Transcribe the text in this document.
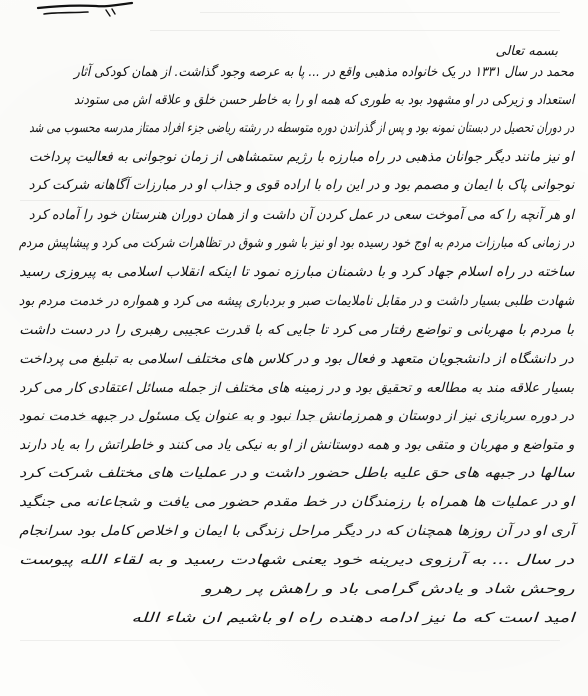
بسمه تعالی
محمد در سال ۱۳۳۱ در یک خانواده مذهبی واقع در ... پا به عرصه وجود گذاشت. از همان کودکی آثار
استعداد و زیرکی در او مشهود بود به طوری که همه او را به خاطر حسن خلق و علاقه اش می ستودند
در دوران تحصیل در دبستان نمونه بود و پس از گذراندن دوره متوسطه در رشته ریاضی جزء افراد ممتاز مدرسه محسوب می شد
او نیز مانند دیگر جوانان مذهبی در راه مبارزه با رژیم ستمشاهی از زمان نوجوانی به فعالیت پرداخت
نوجوانی پاک با ایمان و مصمم بود و در این راه با اراده قوی و جذاب او در مبارزات آگاهانه شرکت کرد
او هر آنچه را که می آموخت سعی در عمل کردن آن داشت و از همان دوران هنرستان خود را آماده کرد
در زمانی که مبارزات مردم به اوج خود رسیده بود او نیز با شور و شوق در تظاهرات شرکت می کرد و پیشاپیش مردم
ساخته در راه اسلام جهاد کرد و با دشمنان مبارزه نمود تا اینکه انقلاب اسلامی به پیروزی رسید
شهادت طلبی بسیار داشت و در مقابل ناملایمات صبر و بردباری پیشه می کرد و همواره در خدمت مردم بود
با مردم با مهربانی و تواضع رفتار می کرد تا جایی که با قدرت عجیبی رهبری را در دست داشت
در دانشگاه از دانشجویان متعهد و فعال بود و در کلاس های مختلف اسلامی به تبلیغ می پرداخت
بسیار علاقه مند به مطالعه و تحقیق بود و در زمینه های مختلف از جمله مسائل اعتقادی کار می کرد
در دوره سربازی نیز از دوستان و همرزمانش جدا نبود و به عنوان یک مسئول در جبهه خدمت نمود
و متواضع و مهربان و متقی بود و همه دوستانش از او به نیکی یاد می کنند و خاطراتش را به یاد دارند
سالها در جبهه های حق علیه باطل حضور داشت و در عملیات های مختلف شرکت کرد
او در عملیات ها همراه با رزمندگان در خط مقدم حضور می یافت و شجاعانه می جنگید
آری او در آن روزها همچنان که در دیگر مراحل زندگی با ایمان و اخلاص کامل بود سرانجام
در سال ... به آرزوی دیرینه خود یعنی شهادت رسید و به لقاء الله پیوست
روحش شاد و یادش گرامی باد و راهش پر رهرو
امید است که ما نیز ادامه دهنده راه او باشیم ان شاء الله
